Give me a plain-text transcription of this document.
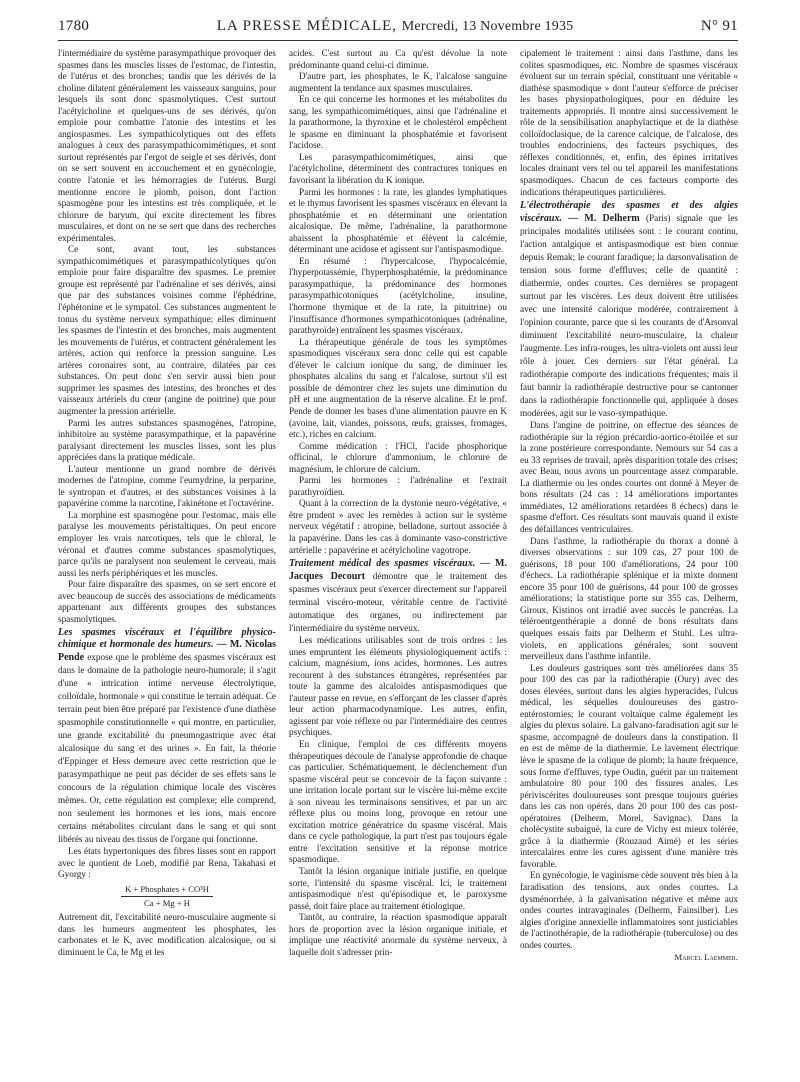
1780	LA PRESSE MÉDICALE, Mercredi, 13 Novembre 1935	N° 91

l'intermédiaire du système parasympathique provoquer des spasmes dans les muscles lisses de l'estomac, de l'intestin, de l'utérus et des bronches; tandis que les dérivés de la choline dilatent généralement les vaisseaux sanguins, pour lesquels ils sont donc spasmolytiques. C'est surtout l'acétylcholine et quelques-uns de ses dérivés, qu'on emploie pour combattre l'atonie des intestins et les angiospasmes. Les sympathicolytiques ont des effets analogues à ceux des parasympathicomimétiques, et sont surtout représentés par l'ergot de seigle et ses dérivés, dont on se sert souvent en accouchement et en gynécologie, contre l'atonie et les hémorragies de l'utérus. Burgi mentionne encore le plomb, poison, dont l'action spasmogène pour les intestins est très compliquée, et le chlorure de baryum, qui excite directement les fibres musculaires, et dont on ne se sert que dans des recherches expérimentales.

Ce sont, avant tout, les substances sympathicomimétiques et parasympathicolytiques qu'on emploie pour faire disparaître des spasmes. Le premier groupe est représenté par l'adrénaline et ses dérivés, ainsi que par des substances voisines comme l'éphédrine, l'éphétonine et le sympatol. Ces substances augmentent le tonus du système nerveux sympathique; elles diminuent les spasmes de l'intestin et des bronches, mais augmentent les mouvements de l'utérus, et contractent généralement les artères, action qui renforce la pression sanguine. Les artères coronaires sont, au contraire, dilatées par ces substances. On peut donc s'en servir aussi bien pour supprimer les spasmes des intestins, des bronches et des vaisseaux artériels du cœur (angine de poitrine) que pour augmenter la pression artérielle.

Parmi les autres substances spasmogènes, l'atropine, inhibitoire au système parasympathique, et la papavérine paralysant directement les muscles lisses, sont les plus appréciées dans la pratique médicale.

L'auteur mentionne un grand nombre de dérivés modernes de l'atropine, comme l'eumydrine, la perparine, le syntropan et d'autres, et des substances voisines à la papavérine comme la narcotine, l'akinétone et l'octavérine.

La morphine est spasmogène pour l'estomac, mais elle paralyse les mouvements péristaltiques. On peut encore employer les vrais narcotiques, tels que le chloral, le véronal et d'autres comme substances spasmolytiques, parce qu'ils ne paralysent non seulement le cerveau, mais aussi les nerfs périphériques et les muscles.

Pour faire disparaître des spasmes, on se sert encore et avec beaucoup de succès des associations de médicaments appartenant aux différents groupes des substances spasmolytiques.

Les spasmes viscéraux et l'équilibre physico-chimique et hormonale des humeurs. — M. Nicolas Pende expose que le problème des spasmes viscéraux est dans le domaine de la pathologie neuro-humorale; il s'agit d'une « intrication intime nerveuse électrolytique, colloïdale, hormonale » qui constitue le terrain adéquat. Ce terrain peut bien être préparé par l'existence d'une diathèse spasmophile constitutionnelle « qui montre, en particulier, une grande excitabilité du pneumogastrique avec état alcalosique du sang et des urines ». En fait, la théorie d'Eppinger et Hess demeure avec cette restriction que le parasympathique ne peut pas décider de ses effets sans le concours de la régulation chimique locale des viscères mêmes. Or, cette régulation est complexe; elle comprend, non seulement les hormones et les ions, mais encore certains métabolites circulant dans le sang et qui sont libérés au niveau des tissus de l'organe qui fonctionne.

Les états hypertoniques des fibres lisses sont en rapport avec le quotient de Loeb, modifié par Rena, Takahasi et Gyorgy :

K + Phosphates + CO³H
Ca + Mg + H

Autrement dit, l'excitabilité neuro-musculaire augmente si dans les humeurs augmentent les phosphates, les carbonates et le K, avec modification alcalosique, ou si diminuent le Ca, le Mg et les

acides. C'est surtout au Ca qu'est dévolue la note prédominante quand celui-ci diminue.

D'autre part, les phosphates, le K, l'alcalose sanguine augmentent la tendance aux spasmes musculaires.

En ce qui concerne les hormones et les métabolites du sang, les sympathicomimétiques, ainsi que l'adrénaline et la parathormone, la thyroxine et le cholestérol empêchent le spasme en diminuant la phosphatémie et favorisent l'acidose.

Les parasympathicomimétiques, ainsi que l'acétylcholine, déterminent des contractures toniques en favorisant la libération du K ionique.

Parmi les hormones : la rate, les glandes lymphatiques et le thymus favorisent les spasmes viscéraux en élevant la phosphatémie et en déterminant une orientation alcalosique. De même, l'adrénaline, la parathormone abaissent la phosphatémie et élèvent la calcémie, déterminant une acidose et agissent sur l'antispasmodique.

En résumé : l'hypercalcose, l'hypocalcémie, l'hyperpotassémie, l'hyperphosphatémie, la prédominance parasympathique, la prédominance des hormones parasympathicotoniques (acétylcholine, insuline, l'hormone thymique et de la rate, la pituitrine) ou l'insuffisance d'hormones sympathicotoniques (adrénaline, parathyroïde) entraînent les spasmes viscéraux.

La thérapeutique générale de tous les symptômes spasmodiques viscéraux sera donc celle qui est capable d'élever le calcium ionique du sang, de diminuer les phosphates alcalins du sang et l'alcalose, surtout s'il est possible de démontrer chez les sujets une diminution du pH et une augmentation de la réserve alcaline. Et le prof. Pende de donner les bases d'une alimentation pauvre en K (avoine, lait, viandes, poissons, œufs, graisses, fromages, etc.), riches en calcium.

Comme médication : l'HCl, l'acide phosphorique officinal, le chlorure d'ammonium, le chlorure de magnésium, le chlorure de calcium.

Parmi les hormones : l'adrénaline et l'extrait parathyroïdien.

Quant à la correction de la dystonie neuro-végétative, « être prudent » avec les remèdes à action sur le système nerveux végétatif : atropine, belladone, surtout associée à la papavérine. Dans les cas à dominante vaso-constrictive artérielle : papavérine et acétylcholine vagotrope.

Traitement médical des spasmes viscéraux. — M. Jacques Decourt démontre que le traitement des spasmes viscéraux peut s'exercer directement sur l'appareil terminal viscéro-moteur, véritable centre de l'activité automatique des organes, ou indirectement par l'intermédiaire du système nerveux.

Les médications utilisables sont de trois ordres : les unes empruntent les éléments physiologiquement actifs : calcium, magnésium, ions acides, hormones. Les autres recourent à des substances étrangères, représentées par toute la gamme des alcaloïdes antispasmodiques que l'auteur passe en revue, en s'efforçant de les classer d'après leur action pharmacodynamique. Les autres, enfin, agissent par voie réflexe ou par l'intermédiaire des centres psychiques.

En clinique, l'emploi de ces différents moyens thérapeutiques découle de l'analyse approfondie de chaque cas particulier. Schématiquement, le déclenchement d'un spasme viscéral peut se concevoir de la façon suivante : une irritation locale portant sur le viscère lui-même excite à son niveau les terminaisons sensitives, et par un arc réflexe plus ou moins long, provoque en retour une excitation motrice génératrice du spasme viscéral. Mais dans ce cycle pathologique, la part n'est pas toujours égale entre l'excitation sensitive et la réponse motrice spasmodique.

Tantôt la lésion organique initiale justifie, en quelque sorte, l'intensité du spasme viscéral. Ici, le traitement antispasmodique n'est qu'épisodique et, le paroxysme passé, doit faire place au traitement étiologique.

Tantôt, au contraire, la réaction spasmodique apparaît hors de proportion avec la lésion organique initiale, et implique une réactivité anormale du système nerveux, à laquelle doit s'adresser prin-

cipalement le traitement : ainsi dans l'asthme, dans les colites spasmodiques, etc. Nombre de spasmes viscéraux évoluent sur un terrain spécial, constituant une véritable « diathèse spasmodique » dont l'auteur s'efforce de préciser les bases physiopathologiques, pour en déduire les traitements appropriés. Il montre ainsi successivement le rôle de la sensibilisation anaphylactique et de la diathèse colloïdoclasique, de la carence calcique, de l'alcalose, des troubles endocriniens, des facteurs psychiques, des réflexes conditionnés, et, enfin, des épines irritatives locales drainant vers tel ou tel appareil les manifestations spasmodiques. Chacun de ces facteurs comporte des indications thérapeutiques particulières.

L'électrothérapie des spasmes et des algies viscéraux. — M. Delherm (Paris) signale que les principales modalités utilisées sont : le courant continu, l'action antalgique et antispasmodique est bien connue depuis Remak; le courant faradique; la darsonvalisation de tension sous forme d'effluves; celle de quantité : diathermie, ondes courtes. Ces dernières se propagent surtout par les viscères. Les deux doivent être utilisées avec une intensité calorique modérée, contrairement à l'opinion courante, parce que si les courants de d'Arsonval diminuent l'excitabilité neuro-musculaire, la chaleur l'augmente. Les infra-rouges, les ultra-violets ont aussi leur rôle à jouer. Ces derniers sur l'état général. La radiothérapie comporte des indications fréquentes; mais il faut bannir la radiothérapie destructive pour se cantonner dans la radiothérapie fonctionnelle qui, appliquée à doses modérées, agit sur le vaso-sympathique.

Dans l'angine de poitrine, on effectue des séances de radiothérapie sur la région précardio-aortico-étoilée et sur la zone postérieure correspondante. Nemours sur 54 cas a eu 33 reprises de travail, après disparition totale des crises; avec Beau, nous avons un pourcentage assez comparable. La diathermie ou les ondes courtes ont donné à Meyer de bons résultats (24 cas : 14 améliorations importantes immédiates, 12 améliorations retardées 8 échecs) dans le spasme d'effort. Ces résultats sont mauvais quand il existe des défaillances ventriculaires.

Dans l'asthme, la radiothérapie du thorax a donné à diverses observations : sur 109 cas, 27 pour 100 de guérisons, 18 pour 100 d'améliorations, 24 pour 100 d'échecs. La radiothérapie splénique et la mixte donnent encore 35 pour 100 de guérisons, 44 pour 100 de grosses améliorations; la statistique porte sur 355 cas. Delherm, Giroux, Kistinos ont irradié avec succès le pancréas. La téléroentgenthérapie a donné de bons résultats dans quelques essais faits par Delherm et Stuhl. Les ultra-violets, en applications générales, sont souvent merveilleux dans l'asthme infantile.

Les douleurs gastriques sont très améliorées dans 35 pour 100 des cas par la radiothérapie (Oury) avec des doses élevées, surtout dans les algies hyperacides, l'ulcus médical, les séquelles douloureuses des gastro-entérostomies; le courant voltaïque calme également les algies du plexus solaire. La galvano-faradisation agit sur le spasme, accompagné de douleurs dans la constipation. Il en est de même de la diathermie. Le lavement électrique lève le spasme de la colique de plomb; la haute fréquence, sous forme d'effluves, type Oudin, guérit par un traitement ambulatoire 80 pour 100 des fissures anales. Les périviscérites douloureuses sont presque toujours guéries dans les cas non opérés, dans 20 pour 100 des cas post-opératoires (Delherm, Morel, Savignac). Dans la cholécystite subaiguë, la cure de Vichy est mieux tolérée, grâce à la diathermie (Rouzaud Aimé) et les séries intercalaires entre les cures agissent d'une manière très favorable.

En gynécologie, le vaginisme cède souvent très bien à la faradisation des tensions, aux ondes courtes. La dysménorrhée, à la galvanisation négative et même aux ondes courtes intravaginales (Delherm, Fainsilber). Les algies d'origine annexielle inflammatoires sont justiciables de l'actinothérapie, de la radiothérapie (tuberculose) ou des ondes courtes.

Marcel Laemmer.
